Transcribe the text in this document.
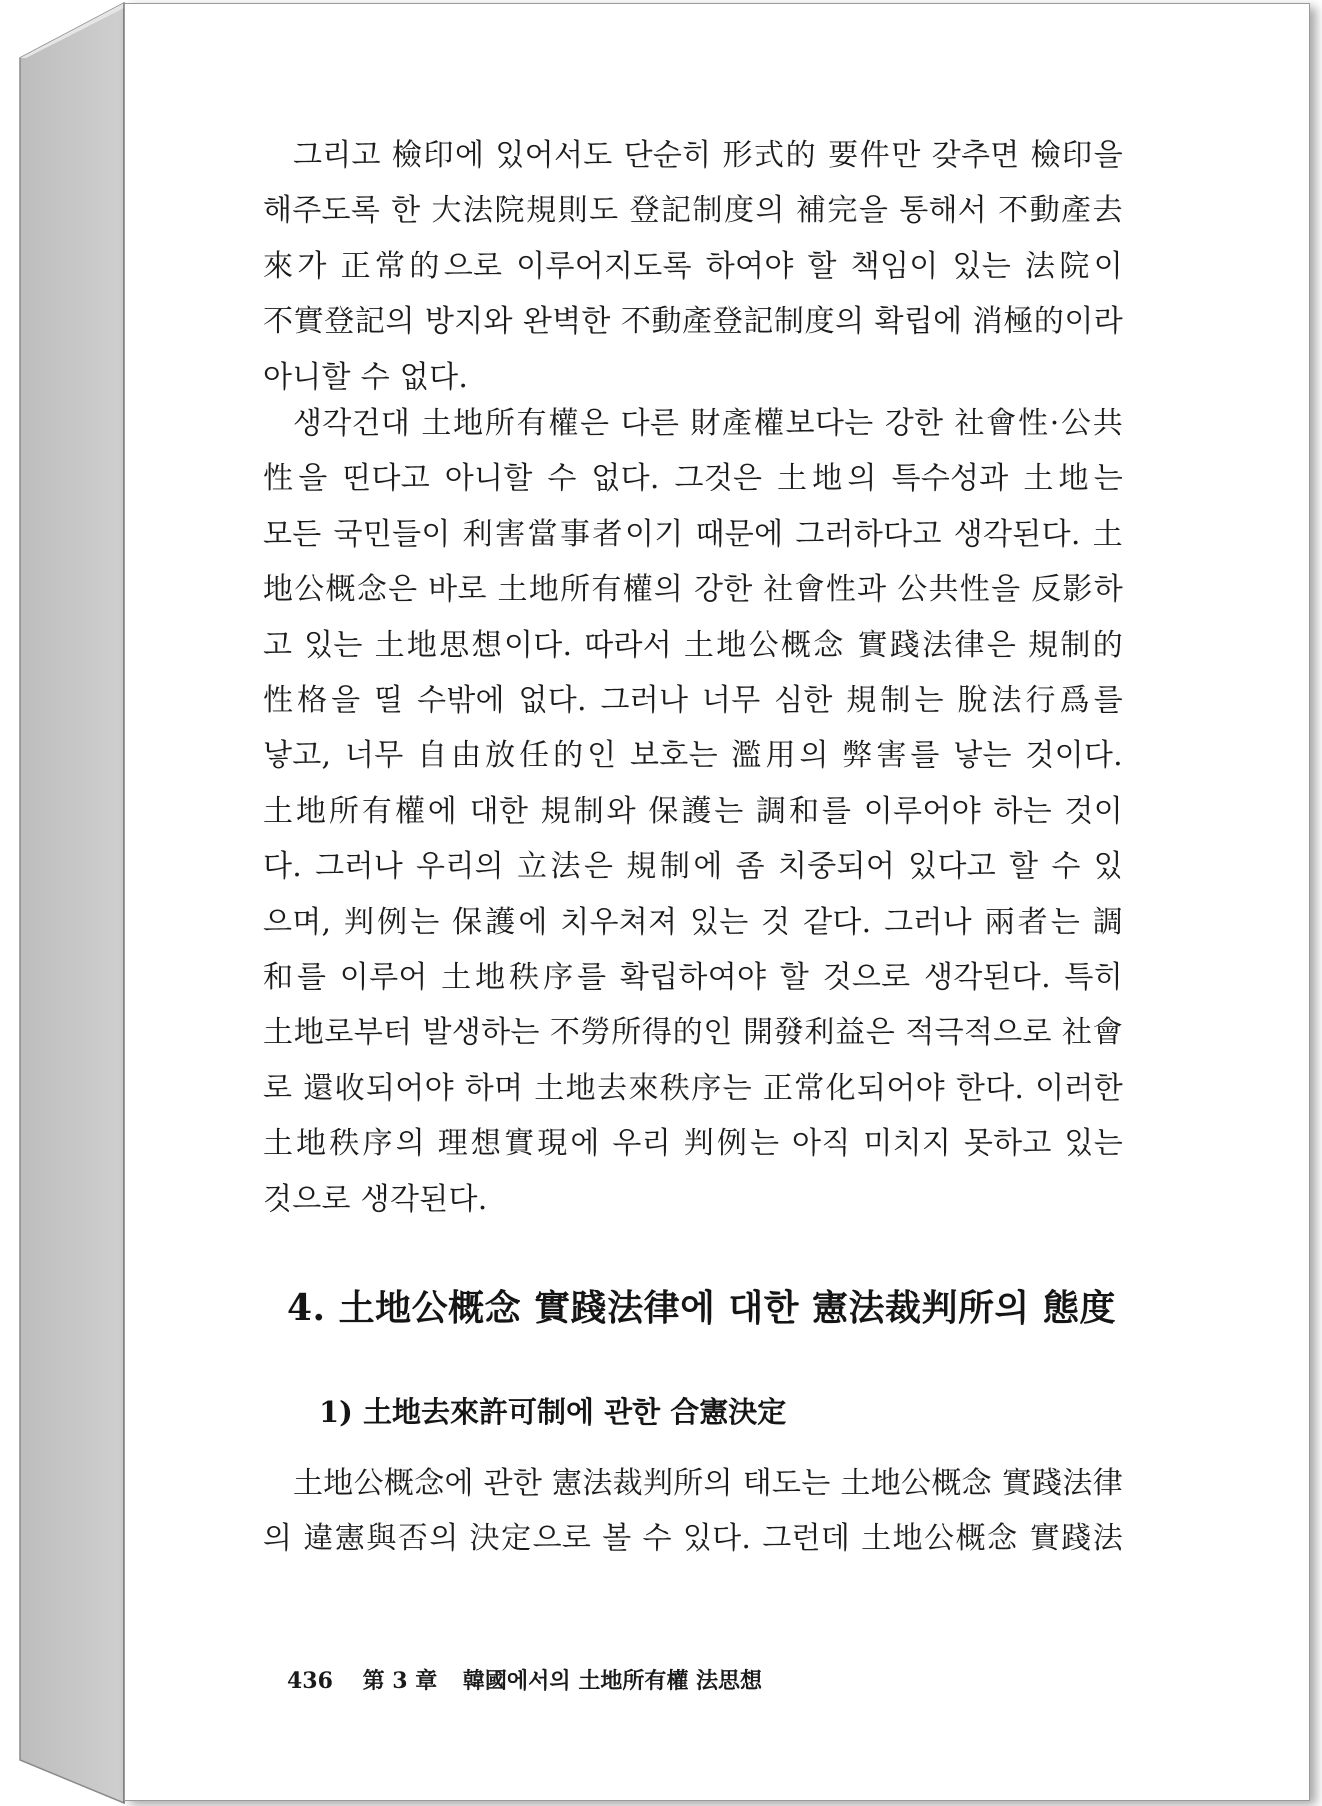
그리고 檢印에 있어서도 단순히 形式的 要件만 갖추면 檢印을
해주도록 한 大法院規則도 登記制度의 補完을 통해서 不動產去
來가 正常的으로 이루어지도록 하여야 할 책임이 있는 法院이
不實登記의 방지와 완벽한 不動產登記制度의 확립에 消極的이라
아니할 수 없다.
생각건대 土地所有權은 다른 財產權보다는 강한 社會性·公共
性을 띤다고 아니할 수 없다. 그것은 土地의 특수성과 土地는
모든 국민들이 利害當事者이기 때문에 그러하다고 생각된다. 土
地公概念은 바로 土地所有權의 강한 社會性과 公共性을 反影하
고 있는 土地思想이다. 따라서 土地公概念 實踐法律은 規制的
性格을 띨 수밖에 없다. 그러나 너무 심한 規制는 脫法行爲를
낳고, 너무 自由放任的인 보호는 濫用의 弊害를 낳는 것이다.
土地所有權에 대한 規制와 保護는 調和를 이루어야 하는 것이
다. 그러나 우리의 立法은 規制에 좀 치중되어 있다고 할 수 있
으며, 判例는 保護에 치우쳐져 있는 것 같다. 그러나 兩者는 調
和를 이루어 土地秩序를 확립하여야 할 것으로 생각된다. 특히
土地로부터 발생하는 不勞所得的인 開發利益은 적극적으로 社會
로 還收되어야 하며 土地去來秩序는 正常化되어야 한다. 이러한
土地秩序의 理想實現에 우리 判例는 아직 미치지 못하고 있는
것으로 생각된다.
4. 土地公概念 實踐法律에 대한 憲法裁判所의 態度
1) 土地去來許可制에 관한 合憲決定
土地公概念에 관한 憲法裁判所의 태도는 土地公概念 實踐法律
의 違憲與否의 決定으로 볼 수 있다. 그런데 土地公概念 實踐法
436 第 3 章 韓國에서의 土地所有權 法思想
